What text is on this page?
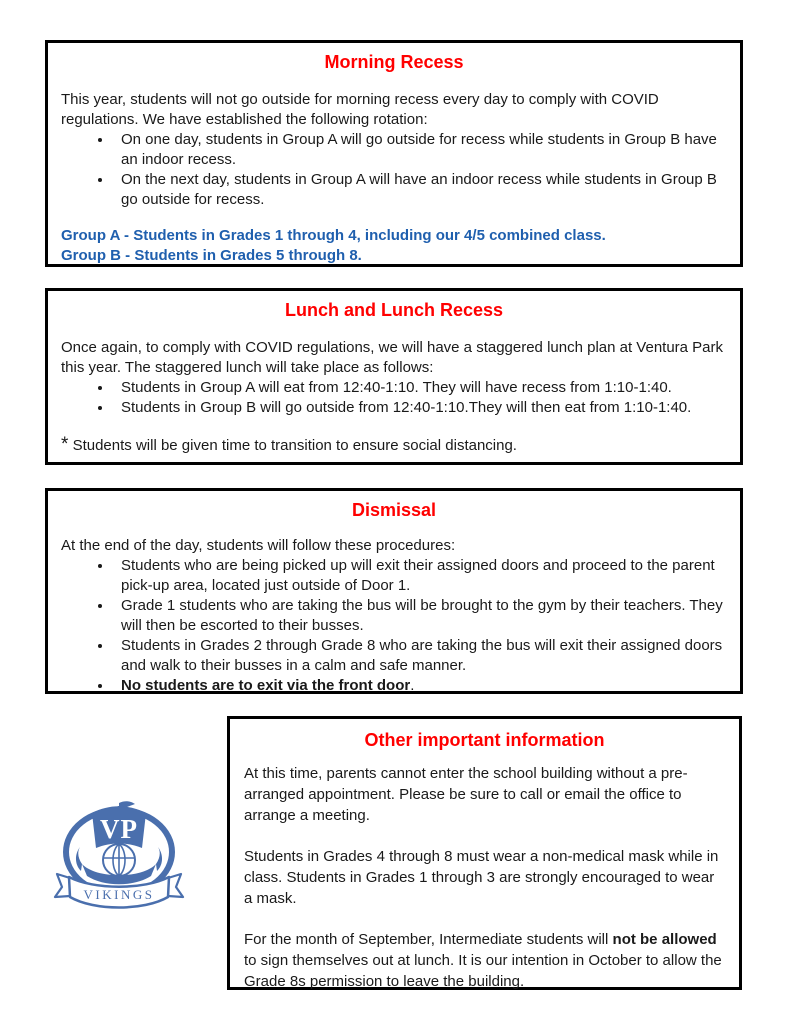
Morning Recess

This year, students will not go outside for morning recess every day to comply with COVID regulations. We have established the following rotation:

• On one day, students in Group A will go outside for recess while students in Group B have an indoor recess.
• On the next day, students in Group A will have an indoor recess while students in Group B go outside for recess.

Group A - Students in Grades 1 through 4, including our 4/5 combined class.

Group B - Students in Grades 5 through 8.

Lunch and Lunch Recess

Once again, to comply with COVID regulations, we will have a staggered lunch plan at Ventura Park this year. The staggered lunch will take place as follows:

• Students in Group A will eat from 12:40-1:10. They will have recess from 1:10-1:40.
• Students in Group B will go outside from 12:40-1:10.They will then eat from 1:10-1:40.

* Students will be given time to transition to ensure social distancing.

Dismissal

At the end of the day, students will follow these procedures:

• Students who are being picked up will exit their assigned doors and proceed to the parent pick-up area, located just outside of Door 1.
• Grade 1 students who are taking the bus will be brought to the gym by their teachers. They will then be escorted to their busses.
• Students in Grades 2 through Grade 8 who are taking the bus will exit their assigned doors and walk to their busses in a calm and safe manner.
• No students are to exit via the front door.
Other important information

At this time, parents cannot enter the school building without a pre-arranged appointment. Please be sure to call or email the office to arrange a meeting.

Students in Grades 4 through 8 must wear a non-medical mask while in class. Students in Grades 1 through 3 are strongly encouraged to wear a mask.

For the month of September, Intermediate students will not be allowed to sign themselves out at lunch. It is our intention in October to allow the Grade 8s permission to leave the building.

VP
VIKINGS
